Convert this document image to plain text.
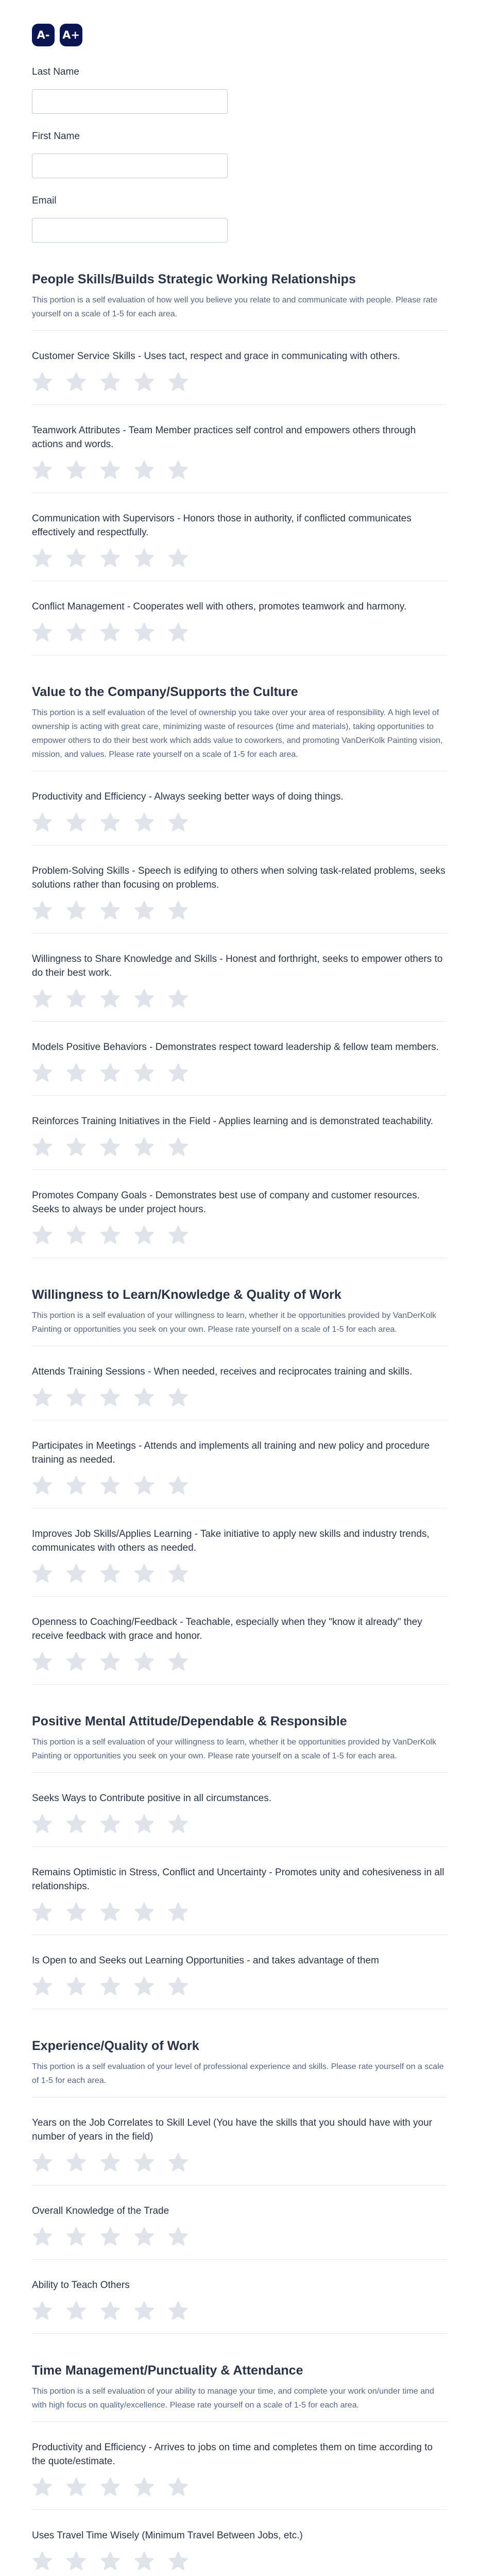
A-	A+
Last Name
First Name
Email
People Skills/Builds Strategic Working Relationships
This portion is a self evaluation of how well you believe you relate to and communicate with people. Please rate yourself on a scale of 1-5 for each area.
Customer Service Skills - Uses tact, respect and grace in communicating with others.
Teamwork Attributes - Team Member practices self control and empowers others through actions and words.
Communication with Supervisors - Honors those in authority, if conflicted communicates effectively and respectfully.
Conflict Management - Cooperates well with others, promotes teamwork and harmony.
Value to the Company/Supports the Culture
This portion is a self evaluation of the level of ownership you take over your area of responsibility. A high level of ownership is acting with great care, minimizing waste of resources (time and materials), taking opportunities to empower others to do their best work which adds value to coworkers, and promoting VanDerKolk Painting vision, mission, and values. Please rate yourself on a scale of 1-5 for each area.
Productivity and Efficiency - Always seeking better ways of doing things.
Problem-Solving Skills - Speech is edifying to others when solving task-related problems, seeks solutions rather than focusing on problems.
Willingness to Share Knowledge and Skills - Honest and forthright, seeks to empower others to do their best work.
Models Positive Behaviors - Demonstrates respect toward leadership & fellow team members.
Reinforces Training Initiatives in the Field - Applies learning and is demonstrated teachability.
Promotes Company Goals - Demonstrates best use of company and customer resources. Seeks to always be under project hours.
Willingness to Learn/Knowledge & Quality of Work
This portion is a self evaluation of your willingness to learn, whether it be opportunities provided by VanDerKolk Painting or opportunities you seek on your own. Please rate yourself on a scale of 1-5 for each area.
Attends Training Sessions - When needed, receives and reciprocates training and skills.
Participates in Meetings - Attends and implements all training and new policy and procedure training as needed.
Improves Job Skills/Applies Learning - Take initiative to apply new skills and industry trends, communicates with others as needed.
Openness to Coaching/Feedback - Teachable, especially when they "know it already" they receive feedback with grace and honor.
Positive Mental Attitude/Dependable & Responsible
This portion is a self evaluation of your willingness to learn, whether it be opportunities provided by VanDerKolk Painting or opportunities you seek on your own. Please rate yourself on a scale of 1-5 for each area.
Seeks Ways to Contribute positive in all circumstances.
Remains Optimistic in Stress, Conflict and Uncertainty - Promotes unity and cohesiveness in all relationships.
Is Open to and Seeks out Learning Opportunities - and takes advantage of them
Experience/Quality of Work
This portion is a self evaluation of your level of professional experience and skills. Please rate yourself on a scale of 1-5 for each area.
Years on the Job Correlates to Skill Level (You have the skills that you should have with your number of years in the field)
Overall Knowledge of the Trade
Ability to Teach Others
Time Management/Punctuality & Attendance
This portion is a self evaluation of your ability to manage your time, and complete your work on/under time and with high focus on quality/excellence. Please rate yourself on a scale of 1-5 for each area.
Productivity and Efficiency - Arrives to jobs on time and completes them on time according to the quote/estimate.
Uses Travel Time Wisely (Minimum Travel Between Jobs, etc.)
